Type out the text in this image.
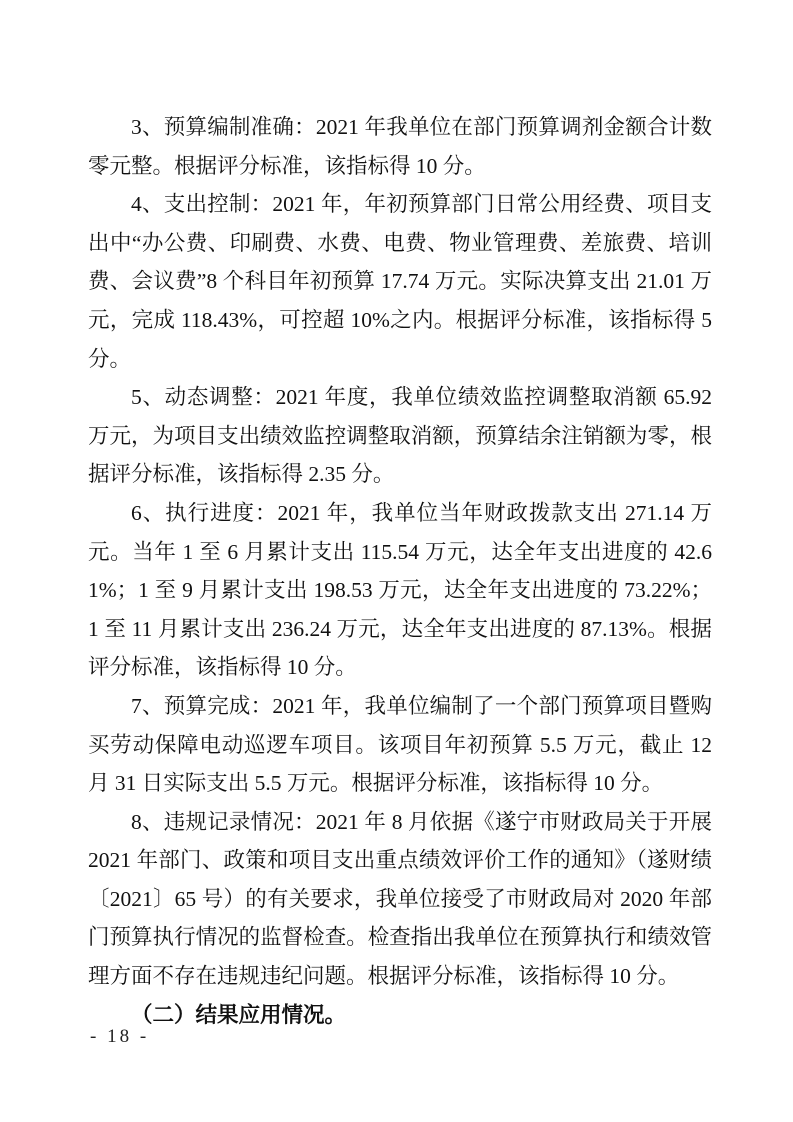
3、预算编制准确：2021 年我单位在部门预算调剂金额合计数零元整。根据评分标准，该指标得 10 分。

4、支出控制：2021 年，年初预算部门日常公用经费、项目支出中“办公费、印刷费、水费、电费、物业管理费、差旅费、培训费、会议费”8 个科目年初预算 17.74 万元。实际决算支出 21.01 万元，完成 118.43%，可控超 10%之内。根据评分标准，该指标得 5 分。

5、动态调整：2021 年度，我单位绩效监控调整取消额 65.92 万元，为项目支出绩效监控调整取消额，预算结余注销额为零，根据评分标准，该指标得 2.35 分。

6、执行进度：2021 年，我单位当年财政拨款支出 271.14 万元。当年 1 至 6 月累计支出 115.54 万元，达全年支出进度的 42.61%；1 至 9 月累计支出 198.53 万元，达全年支出进度的 73.22%；1 至 11 月累计支出 236.24 万元，达全年支出进度的 87.13%。根据评分标准，该指标得 10 分。

7、预算完成：2021 年，我单位编制了一个部门预算项目暨购买劳动保障电动巡逻车项目。该项目年初预算 5.5 万元，截止 12 月 31 日实际支出 5.5 万元。根据评分标准，该指标得 10 分。

8、违规记录情况：2021 年 8 月依据《遂宁市财政局关于开展 2021 年部门、政策和项目支出重点绩效评价工作的通知》（遂财绩〔2021〕65 号）的有关要求，我单位接受了市财政局对 2020 年部门预算执行情况的监督检查。检查指出我单位在预算执行和绩效管理方面不存在违规违纪问题。根据评分标准，该指标得 10 分。

（二）结果应用情况。

- 18 -
